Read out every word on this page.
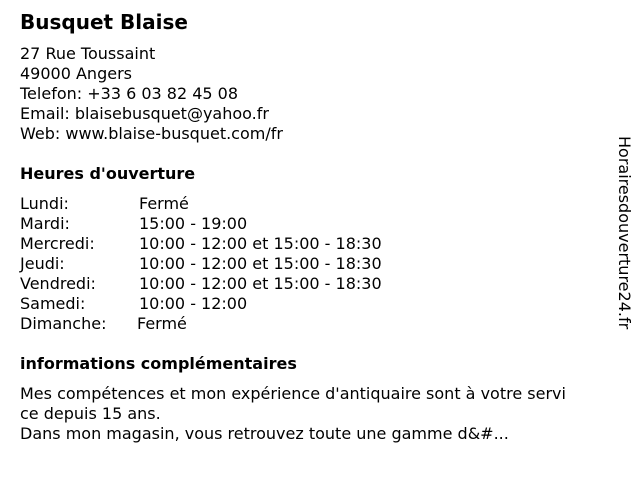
Busquet Blaise
27 Rue Toussaint
49000 Angers
Telefon: +33 6 03 82 45 08
Email: blaisebusquet@yahoo.fr
Web: www.blaise-busquet.com/fr
Heures d'ouverture
Lundi:	Fermé
Mardi:	15:00 - 19:00
Mercredi:	10:00 - 12:00 et 15:00 - 18:30
Jeudi:	10:00 - 12:00 et 15:00 - 18:30
Vendredi:	10:00 - 12:00 et 15:00 - 18:30
Samedi:	10:00 - 12:00
Dimanche:	Fermé
informations complémentaires
Mes compétences et mon expérience d'antiquaire sont à votre servi
ce depuis 15 ans.
Dans mon magasin, vous retrouvez toute une gamme d&#...
Horairesdouverture24.fr
